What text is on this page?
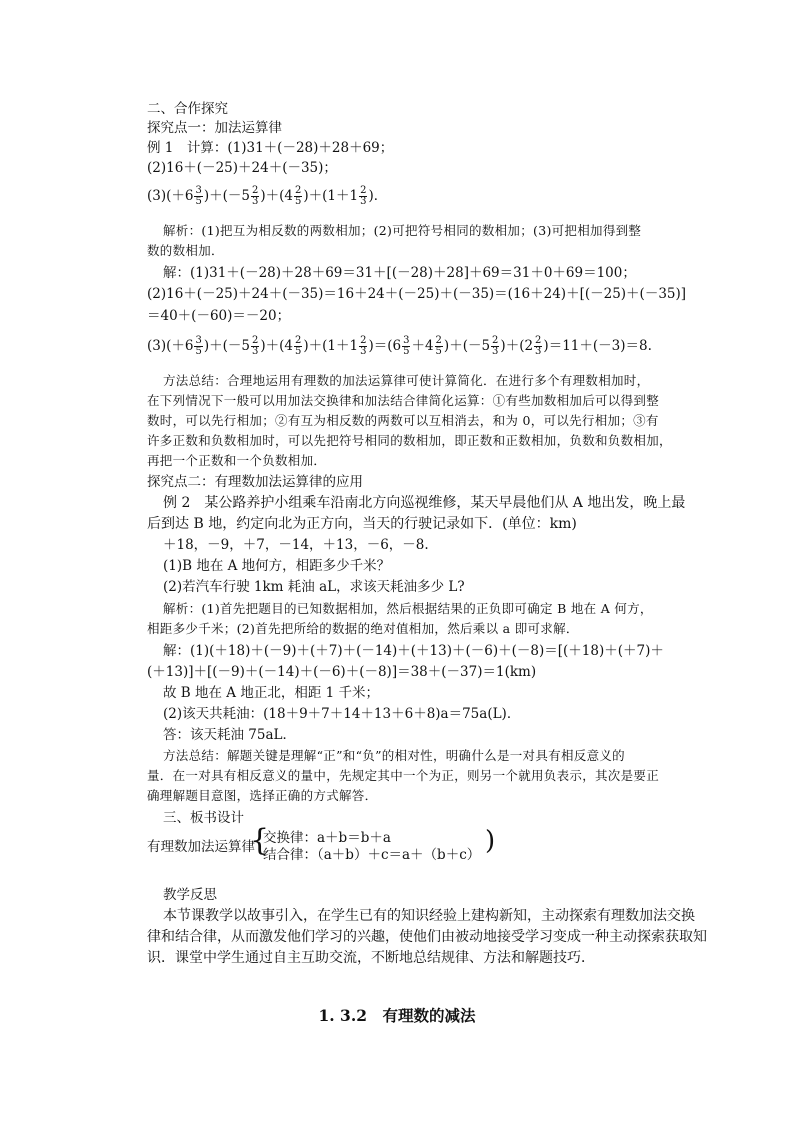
二、合作探究
探究点一：加法运算律
例 1　计算：(1)31＋(－28)＋28＋69；
(2)16＋(－25)＋24＋(－35)；
$(3)(+6 \frac{3}{5} )+(-5 \frac{2}{3} )+(4 \frac{2}{5} )+(1+1 \frac{2}{3}$ )．
解析：(1)把互为相反数的两数相加；(2)可把符号相同的数相加；(3)可把相加得到整
数的数相加．
解：(1)31＋(－28)＋28＋69＝31＋[(－28)＋28]＋69＝31＋0＋69＝100；
(2)16＋(－25)＋24＋(－35)＝16＋24＋(－25)＋(－35)＝(16＋24)＋[(－25)＋(－35)]
＝40＋(－60)＝－20；
$(3)(+6 \frac{3}{5} )+(-5 \frac{2}{3} )+(4 \frac{2}{5} )+(1+1 \frac{2}{3} )=(6 \frac{3}{5} +4 \frac{2}{5} )+(-5 \frac{2}{3} )+(2 \frac{2}{3} )=11+(-3)=8$.
方法总结：合理地运用有理数的加法运算律可使计算简化．在进行多个有理数相加时，
在下列情况下一般可以用加法交换律和加法结合律简化运算：①有些加数相加后可以得到整
数时，可以先行相加；②有互为相反数的两数可以互相消去，和为 0，可以先行相加；③有
许多正数和负数相加时，可以先把符号相同的数相加，即正数和正数相加，负数和负数相加，
再把一个正数和一个负数相加．
探究点二：有理数加法运算律的应用
例 2　某公路养护小组乘车沿南北方向巡视维修，某天早晨他们从 A 地出发，晚上最
后到达 B 地，约定向北为正方向，当天的行驶记录如下．(单位：km)
＋18，－9，＋7，－14，＋13，－6，－8.
(1)B 地在 A 地何方，相距多少千米？
(2)若汽车行驶 1km 耗油 aL，求该天耗油多少 L?
解析：(1)首先把题目的已知数据相加，然后根据结果的正负即可确定 B 地在 A 何方，
相距多少千米；(2)首先把所给的数据的绝对值相加，然后乘以 a 即可求解．
解：(1)(＋18)＋(－9)＋(＋7)＋(－14)＋(＋13)＋(－6)＋(－8)＝[(＋18)＋(＋7)＋
(＋13)]＋[(－9)＋(－14)＋(－6)＋(－8)]＝38＋(－37)＝1(km)
故 B 地在 A 地正北，相距 1 千米；
(2)该天共耗油：(18＋9＋7＋14＋13＋6＋8)a＝75a(L)．
答：该天耗油 75aL．
方法总结：解题关键是理解“正”和“负”的相对性，明确什么是一对具有相反意义的
量．在一对具有相反意义的量中，先规定其中一个为正，则另一个就用负表示，其次是要正
确理解题目意图，选择正确的方式解答．
三、板书设计
有理数加法运算律
{
交换律：a＋b＝b＋a
结合律：（a＋b）＋c＝a＋（b＋c） )
教学反思
本节课教学以故事引入，在学生已有的知识经验上建构新知，主动探索有理数加法交换
律和结合律，从而激发他们学习的兴趣，使他们由被动地接受学习变成一种主动探索获取知
识．课堂中学生通过自主互助交流，不断地总结规律、方法和解题技巧．
1. 3.2　有理数的减法
